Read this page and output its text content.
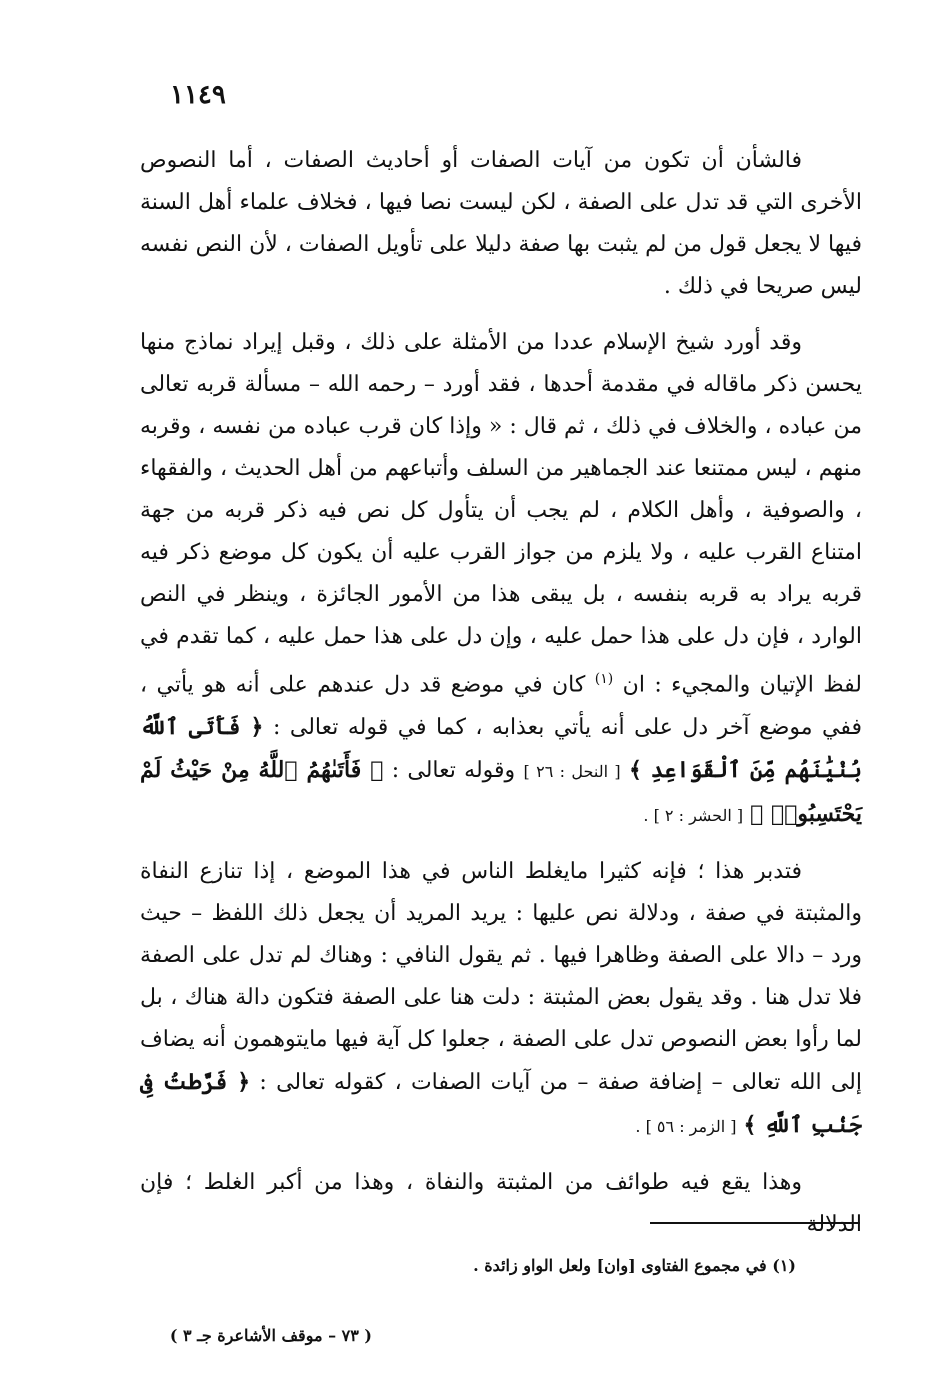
١١٤٩

فالشأن أن تكون من آيات الصفات أو أحاديث الصفات ، أما النصوص الأخرى التي قد تدل على الصفة ، لكن ليست نصا فيها ، فخلاف علماء أهل السنة فيها لا يجعل قول من لم يثبت بها صفة دليلا على تأويل الصفات ، لأن النص نفسه ليس صريحا في ذلك .

وقد أورد شيخ الإسلام عددا من الأمثلة على ذلك ، وقبل إيراد نماذج منها يحسن ذكر ماقاله في مقدمة أحدها ، فقد أورد – رحمه الله – مسألة قربه تعالى من عباده ، والخلاف في ذلك ، ثم قال : « وإذا كان قرب عباده من نفسه ، وقربه منهم ، ليس ممتنعا عند الجماهير من السلف وأتباعهم من أهل الحديث ، والفقهاء ، والصوفية ، وأهل الكلام ، لم يجب أن يتأول كل نص فيه ذكر قربه من جهة امتناع القرب عليه ، ولا يلزم من جواز القرب عليه أن يكون كل موضع ذكر فيه قربه يراد به قربه بنفسه ، بل يبقى هذا من الأمور الجائزة ، وينظر في النص الوارد ، فإن دل على هذا حمل عليه ، وإن دل على هذا حمل عليه ، كما تقدم في لفظ الإتيان والمجيء : ان $^{(١)}$ كان في موضع قد دل عندهم على أنه هو يأتي ، ففي موضع آخر دل على أنه يأتي بعذابه ، كما في قوله تعالى : ﴿ فَأَتَى ٱللَّهُ بُنْيَٰنَهُم مِّنَ ٱلْقَوَاعِدِ ﴾ [ النحل : ٢٦ ] وقوله تعالى : ﴿ فَأَتَىٰهُمُ ٱللَّهُ مِنْ حَيْثُ لَمْ يَحْتَسِبُوا۟ ﴾ [ الحشر : ٢ ] .

فتدبر هذا ؛ فإنه كثيرا مايغلط الناس في هذا الموضع ، إذا تنازع النفاة والمثبتة في صفة ، ودلالة نص عليها : يريد المريد أن يجعل ذلك اللفظ – حيث ورد – دالا على الصفة وظاهرا فيها . ثم يقول النافي : وهناك لم تدل على الصفة فلا تدل هنا . وقد يقول بعض المثبتة : دلت هنا على الصفة فتكون دالة هناك ، بل لما رأوا بعض النصوص تدل على الصفة ، جعلوا كل آية فيها مايتوهمون أنه يضاف إلى الله تعالى – إضافة صفة – من آيات الصفات ، كقوله تعالى : ﴿ فَرَّطتُ فِى جَنۢبِ ٱللَّهِ ﴾ [ الزمر : ٥٦ ] .

وهذا يقع فيه طوائف من المثبتة والنفاة ، وهذا من أكبر الغلط ؛ فإن الدلالة

(١) في مجموع الفتاوى [وان] ولعل الواو زائدة .
( ٧٣ – موقف الأشاعرة جـ ٣ )
